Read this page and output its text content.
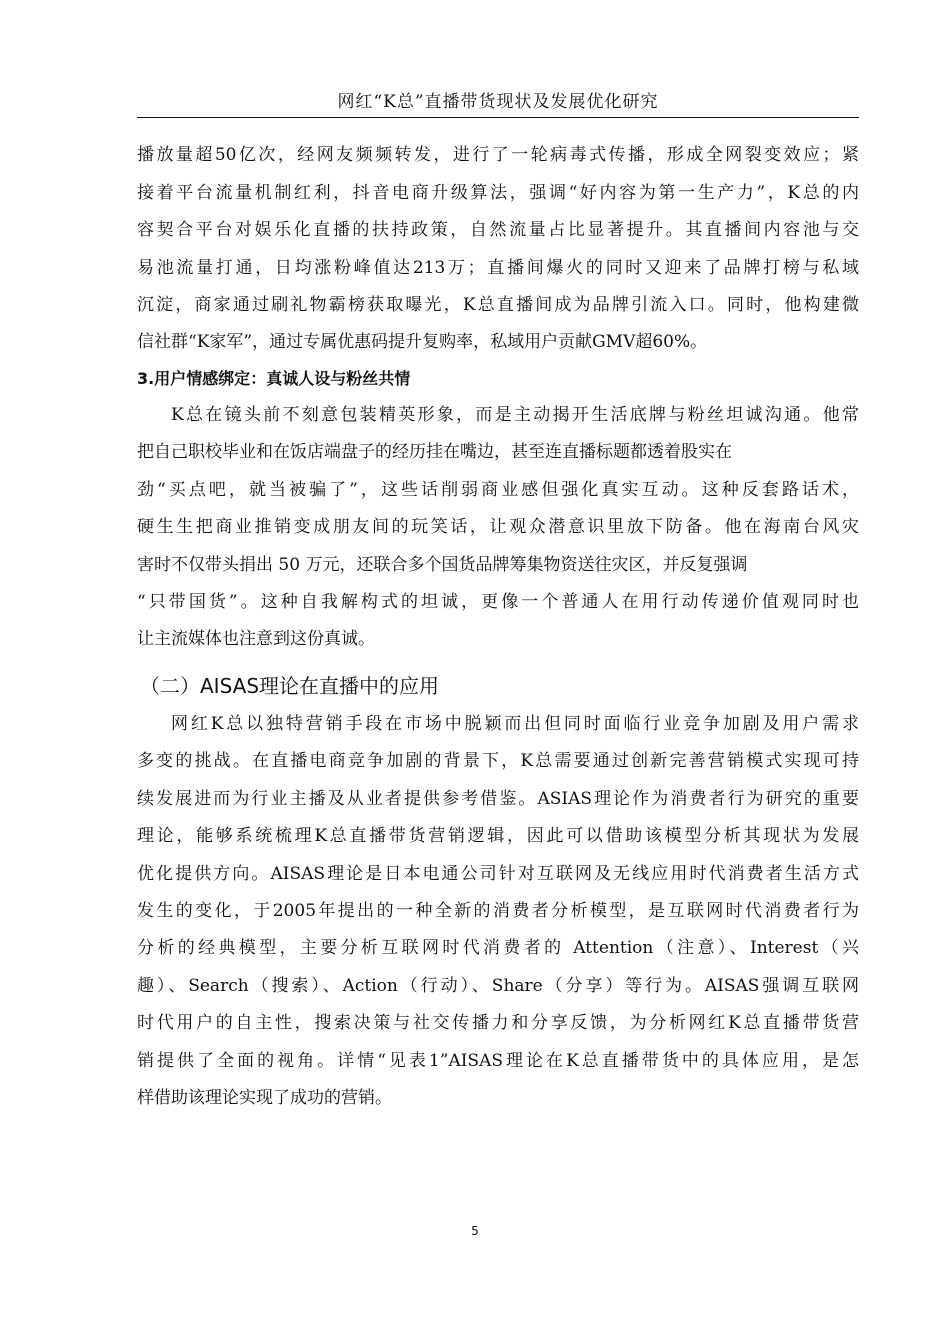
网红“K总”直播带货现状及发展优化研究
播放量超50亿次，经网友频频转发，进行了一轮病毒式传播，形成全网裂变效应；紧
接着平台流量机制红利，抖音电商升级算法，强调“好内容为第一生产力”，K总的内
容契合平台对娱乐化直播的扶持政策，自然流量占比显著提升。其直播间内容池与交
易池流量打通，日均涨粉峰值达213万；直播间爆火的同时又迎来了品牌打榜与私域
沉淀，商家通过刷礼物霸榜获取曝光，K总直播间成为品牌引流入口。同时，他构建微
信社群“K家军”，通过专属优惠码提升复购率，私域用户贡献GMV超60%。
3.用户情感绑定：真诚人设与粉丝共情
K总在镜头前不刻意包装精英形象，而是主动揭开生活底牌与粉丝坦诚沟通。他常
把自己职校毕业和在饭店端盘子的经历挂在嘴边，甚至连直播标题都透着股实在
劲“买点吧，就当被骗了”，这些话削弱商业感但强化真实互动。这种反套路话术，
硬生生把商业推销变成朋友间的玩笑话，让观众潜意识里放下防备。他在海南台风灾
害时不仅带头捐出 50 万元，还联合多个国货品牌筹集物资送往灾区，并反复强调
“只带国货”。这种自我解构式的坦诚，更像一个普通人在用行动传递价值观同时也
让主流媒体也注意到这份真诚。
（二）AISAS理论在直播中的应用
网红K总以独特营销手段在市场中脱颖而出但同时面临行业竞争加剧及用户需求
多变的挑战。在直播电商竞争加剧的背景下，K总需要通过创新完善营销模式实现可持
续发展进而为行业主播及从业者提供参考借鉴。ASIAS理论作为消费者行为研究的重要
理论，能够系统梳理K总直播带货营销逻辑，因此可以借助该模型分析其现状为发展
优化提供方向。AISAS理论是日本电通公司针对互联网及无线应用时代消费者生活方式
发生的变化，于2005年提出的一种全新的消费者分析模型，是互联网时代消费者行为
分析的经典模型，主要分析互联网时代消费者的 Attention（注意）、Interest（兴
趣）、Search（搜索）、Action（行动）、Share（分享）等行为。AISAS强调互联网
时代用户的自主性，搜索决策与社交传播力和分享反馈，为分析网红K总直播带货营
销提供了全面的视角。详情“见表1”AISAS理论在K总直播带货中的具体应用，是怎
样借助该理论实现了成功的营销。
5
